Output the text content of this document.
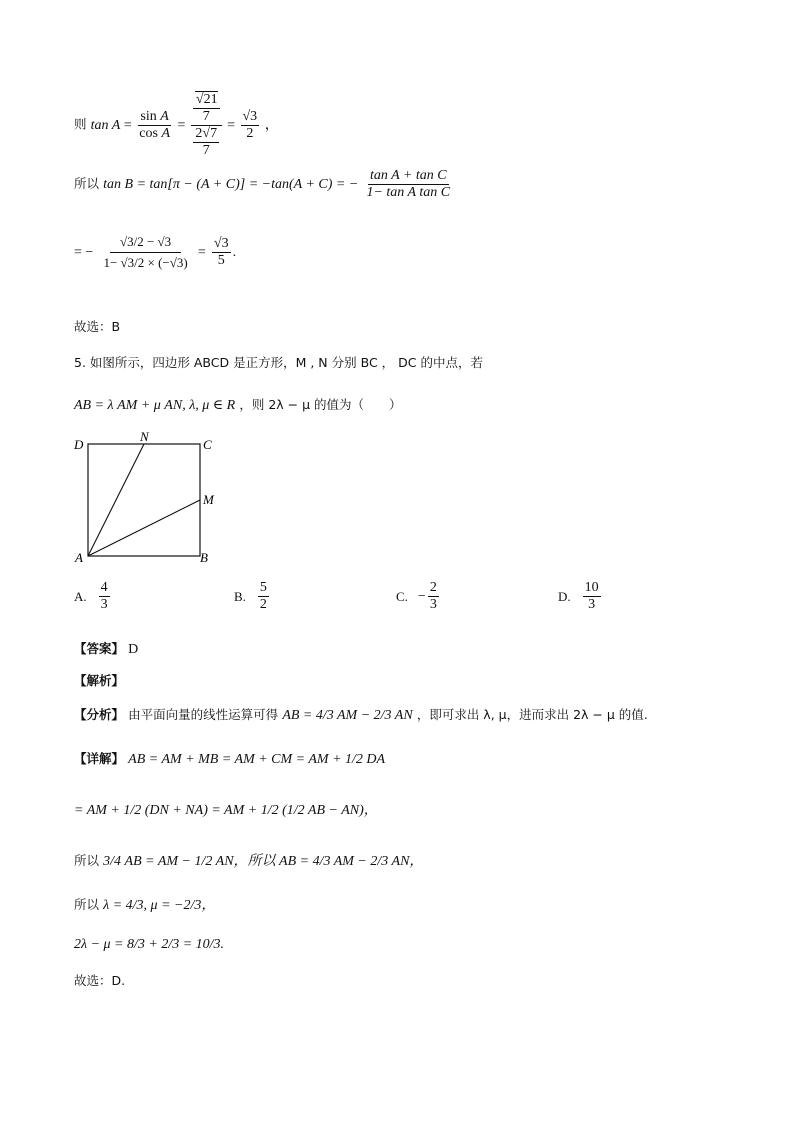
则 $\tan A = \frac{\text{sin A}}{\text{cos A}} = \frac{\frac{√21}{7}}{\frac{2√7}{7}} = \frac{√3}{2}$ ，
所以 tan B = tan[π − (A + C)] = −tan(A + C) = − $\frac{\text{tan A + tan C}}{\text{1− tan A tan C}}$
= − $\frac{√3/2 - √3}{1- √3/2 \times (-√3)} = \frac{√3}{5}$ .
故选：B
5. 如图所示，四边形 ABCD 是正方形，M , N 分别 BC ， DC 的中点，若
AB = λ AM + μ AN, λ, μ ∈ R ，则 2λ − μ 的值为（　　）
D
N
C
M
A	B
A. $\frac{4}{3}$	B. $\frac{5}{2}$	C. − $\frac{2}{3}$	D. $\frac{10}{3}$
【答案】 D
【解析】
【分析】 由平面向量的线性运算可得 AB = 4/3 AM − 2/3 AN ，即可求出 λ, μ，进而求出 2λ − μ 的值.
【详解】 AB = AM + MB = AM + CM = AM + 1/2 DA
= AM + 1/2 (DN + NA) = AM + 1/2 (1/2 AB − AN)，
所以 3/4 AB = AM − 1/2 AN，所以 AB = 4/3 AM − 2/3 AN，
所以 λ = 4/3, μ = −2/3，
2λ − μ = 8/3 + 2/3 = 10/3.
故选：D.
